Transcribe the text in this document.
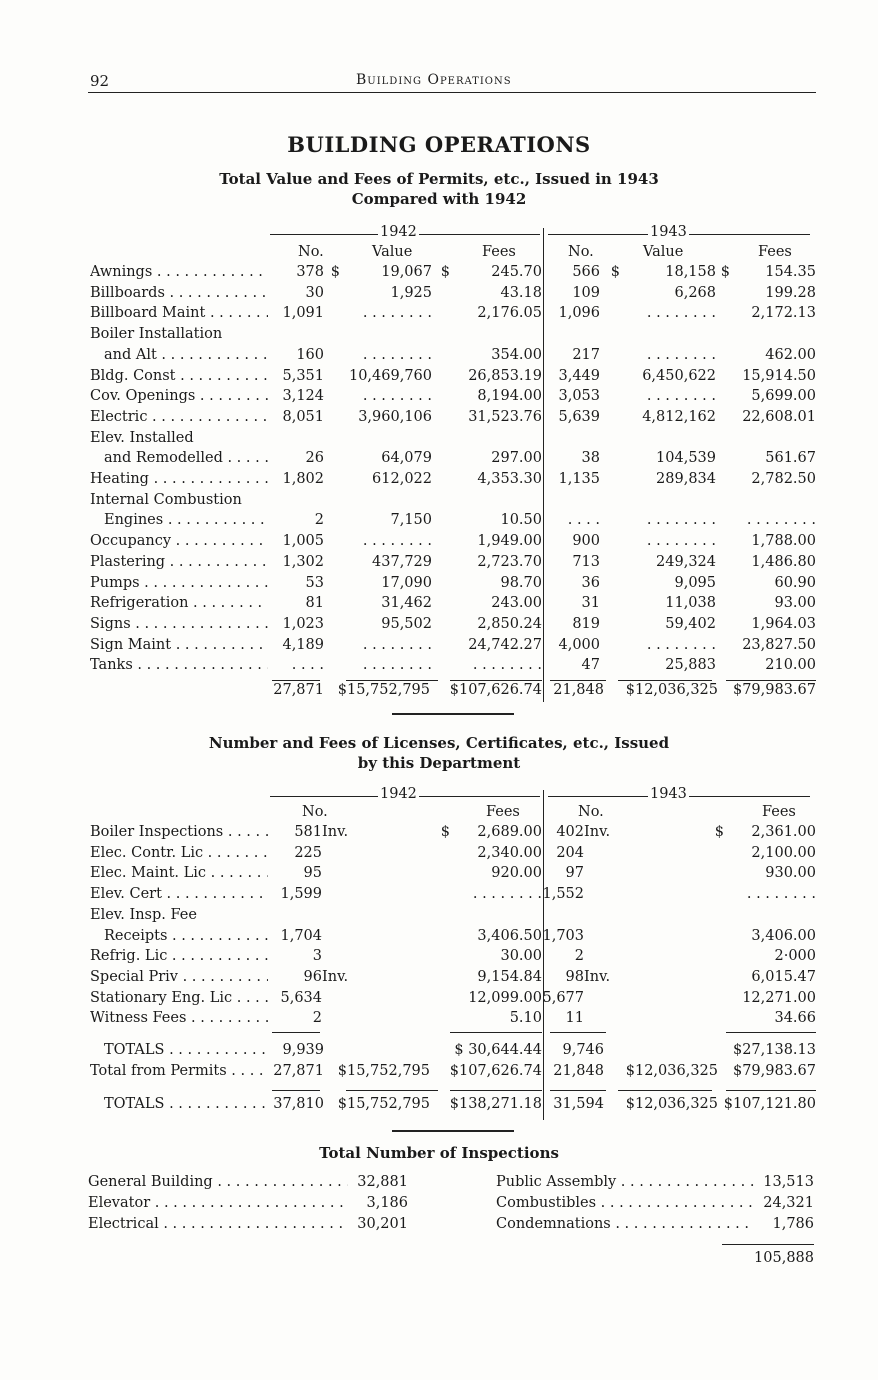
92	Building Operations
BUILDING OPERATIONS
Total Value and Fees of Permits, etc., Issued in 1943
Compared with 1942
1942	1943
No.	Value	Fees	No.	Value	Fees
Awnings . . .	378	$	19,067	$	245.70	566	$	18,158	$	154.35
Billboards . . .	30		1,925		43.18	109		6,268		199.28
Billboard Maint . . .	1,091		. . . . . . . .		2,176.05	1,096		. . . . . . . .		2,172.13
Boiler Installation										
and Alt . . .	160		. . . . . . . .		354.00	217		. . . . . . . .		462.00
Bldg. Const . . .	5,351		10,469,760		26,853.19	3,449		6,450,622		15,914.50
Cov. Openings . . .	3,124		. . . . . . . .		8,194.00	3,053		. . . . . . . .		5,699.00
Electric . . .	8,051		3,960,106		31,523.76	5,639		4,812,162		22,608.01
Elev. Installed										
and Remodelled . . .	26		64,079		297.00	38		104,539		561.67
Heating . . .	1,802		612,022		4,353.30	1,135		289,834		2,782.50
Internal Combustion										
Engines . . .	2		7,150		10.50	. . . .		. . . . . . . .		. . . . . . . .
Occupancy . . .	1,005		. . . . . . . .		1,949.00	900		. . . . . . . .		1,788.00
Plastering . . .	1,302		437,729		2,723.70	713		249,324		1,486.80
Pumps . . .	53		17,090		98.70	36		9,095		60.90
Refrigeration . . .	81		31,462		243.00	31		11,038		93.00
Signs . . .	1,023		95,502		2,850.24	819		59,402		1,964.03
Sign Maint . . .	4,189		. . . . . . . .		24,742.27	4,000		. . . . . . . .		23,827.50
Tanks . . .	. . . .		. . . . . . . .		. . . . . . . .	47		25,883		210.00
	27,871	$15,752,795	$107,626.74	21,848	$12,036,325	$79,983.67
Number and Fees of Licenses, Certificates, etc., Issued
by this Department
1942	1943
No.	Fees	No.	Fees
Boiler Inspections . . .	581	Inv.	$	2,689.00	402	Inv.	$		2,361.00
Elec. Contr. Lic . . .	225			2,340.00	204				2,100.00
Elec. Maint. Lic . . .	95			920.00	97				930.00
Elev. Cert . . .	1,599			. . . . . . . .	1,552				. . . . . . . .
Elev. Insp. Fee									
Receipts . . .	1,704			3,406.50	1,703				3,406.00
Refrig. Lic . . .	3			30.00	2				2·000
Special Priv . . .	96	Inv.		9,154.84	98	Inv.			6,015.47
Stationary Eng. Lic . . .	5,634			12,099.00	5,677				12,271.00
Witness Fees . . .	2			5.10	11				34.66
TOTALS . . .	9,939		$ 30,644.44	9,746		$27,138.13
Total from Permits . . .	27,871	$15,752,795	$107,626.74	21,848	$12,036,325	$79,983.67
TOTALS . . .	37,810	$15,752,795	$138,271.18	31,594	$12,036,325	$107,121.80
Total Number of Inspections
General Building . . .	32,881
Elevator . . .	3,186
Electrical . . .	30,201
Public Assembly . . .	13,513
Combustibles . . .	24,321
Condemnations . . .	1,786
105,888
